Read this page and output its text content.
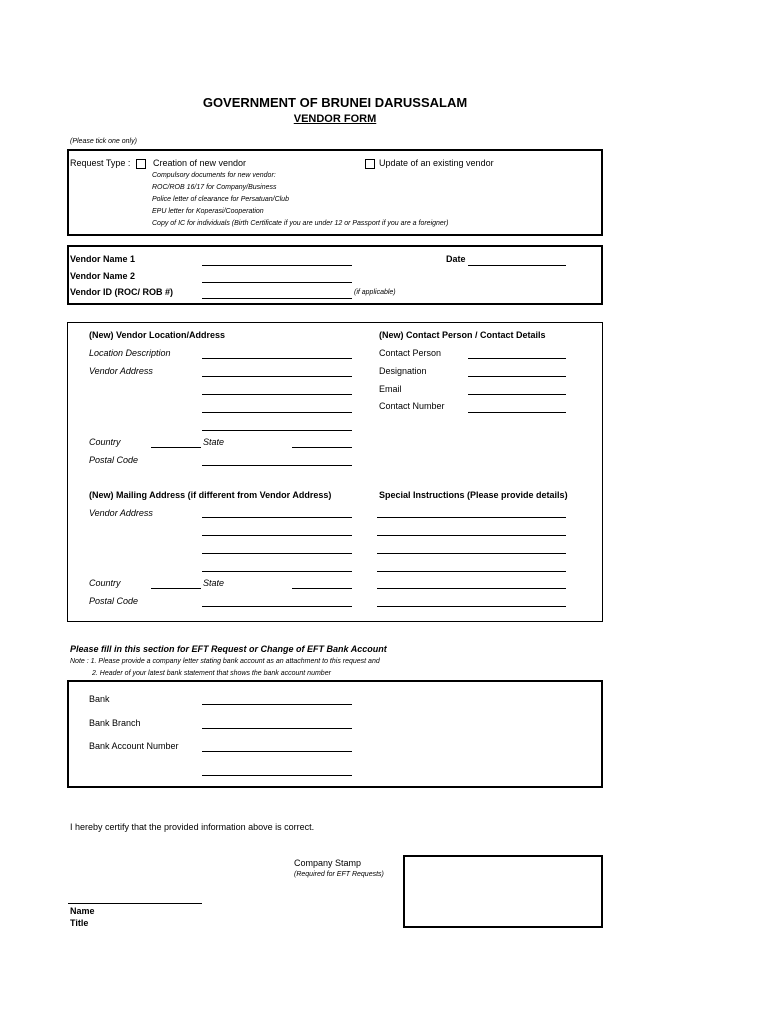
GOVERNMENT OF BRUNEI DARUSSALAM
VENDOR FORM
(Please tick one only)
Request Type :	Creation of new vendor	Update of an existing vendor
Compulsory documents for new vendor:
ROC/ROB 16/17 for Company/Business
Police letter of clearance for Persatuan/Club
EPU letter for Koperasi/Cooperation
Copy of IC for individuals (Birth Certificate if you are under 12 or Passport if you are a foreigner)
Vendor Name 1	Date
Vendor Name 2
Vendor ID (ROC/ ROB #)	(if applicable)
(New) Vendor Location/Address
Location Description
Vendor Address
Country	State
Postal Code
(New) Contact Person / Contact Details
Contact Person
Designation
Email
Contact Number
(New) Mailing Address (if different from Vendor Address)
Vendor Address
Country	State
Postal Code
Special Instructions (Please provide details)
Please fill in this section for EFT Request or Change of EFT Bank Account
Note : 1. Please provide a company letter stating bank account as an attachment to this request and
2. Header of your latest bank statement that shows the bank account number
Bank
Bank Branch
Bank Account Number
I hereby certify that the provided information above is correct.
Company Stamp
(Required for EFT Requests)
Name
Title
